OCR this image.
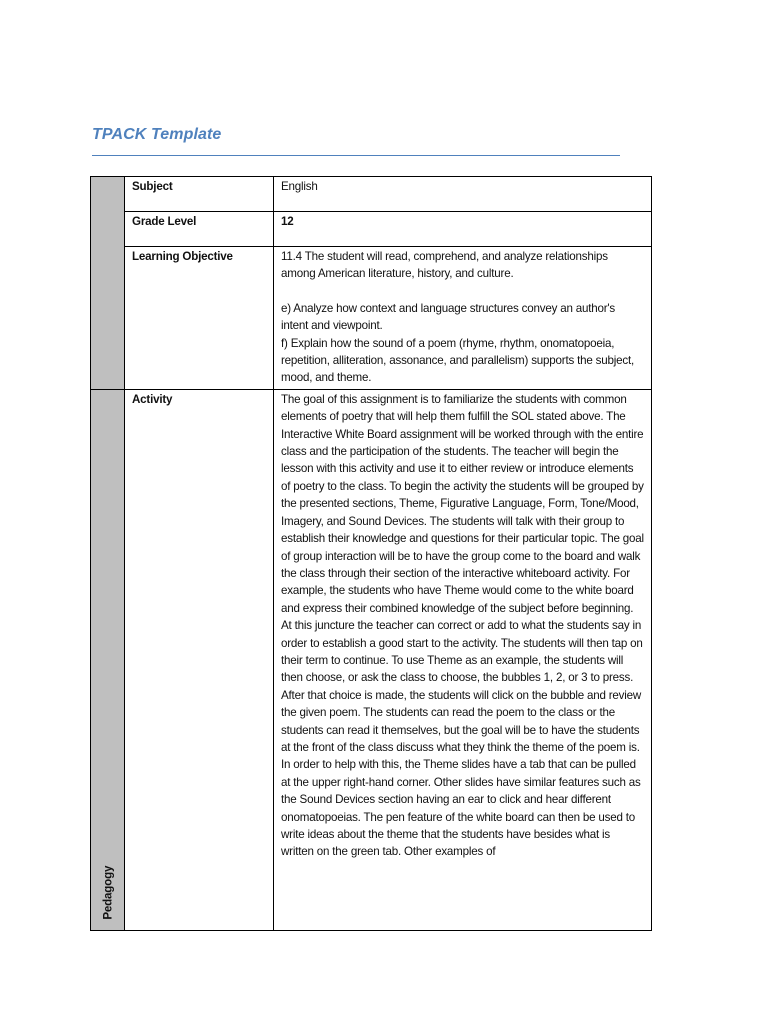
TPACK Template
	Subject	English
	Grade Level	12
	Learning Objective	11.4 The student will read, comprehend, and analyze relationships among American literature, history, and culture.

e) Analyze how context and language structures convey an author's intent and viewpoint.

f) Explain how the sound of a poem (rhyme, rhythm, onomatopoeia, repetition, alliteration, assonance, and parallelism) supports the subject, mood, and theme.

Pedagogy	Activity	The goal of this assignment is to familiarize the students with common elements of poetry that will help them fulfill the SOL stated above. The Interactive White Board assignment will be worked through with the entire class and the participation of the students. The teacher will begin the lesson with this activity and use it to either review or introduce elements of poetry to the class. To begin the activity the students will be grouped by the presented sections, Theme, Figurative Language, Form, Tone/Mood, Imagery, and Sound Devices. The students will talk with their group to establish their knowledge and questions for their particular topic. The goal of group interaction will be to have the group come to the board and walk the class through their section of the interactive whiteboard activity. For example, the students who have Theme would come to the white board and express their combined knowledge of the subject before beginning. At this juncture the teacher can correct or add to what the students say in order to establish a good start to the activity. The students will then tap on their term to continue. To use Theme as an example, the students will then choose, or ask the class to choose, the bubbles 1, 2, or 3 to press. After that choice is made, the students will click on the bubble and review the given poem. The students can read the poem to the class or the students can read it themselves, but the goal will be to have the students at the front of the class discuss what they think the theme of the poem is. In order to help with this, the Theme slides have a tab that can be pulled at the upper right-hand corner. Other slides have similar features such as the Sound Devices section having an ear to click and hear different onomatopoeias. The pen feature of the white board can then be used to write ideas about the theme that the students have besides what is written on the green tab. Other examples of
